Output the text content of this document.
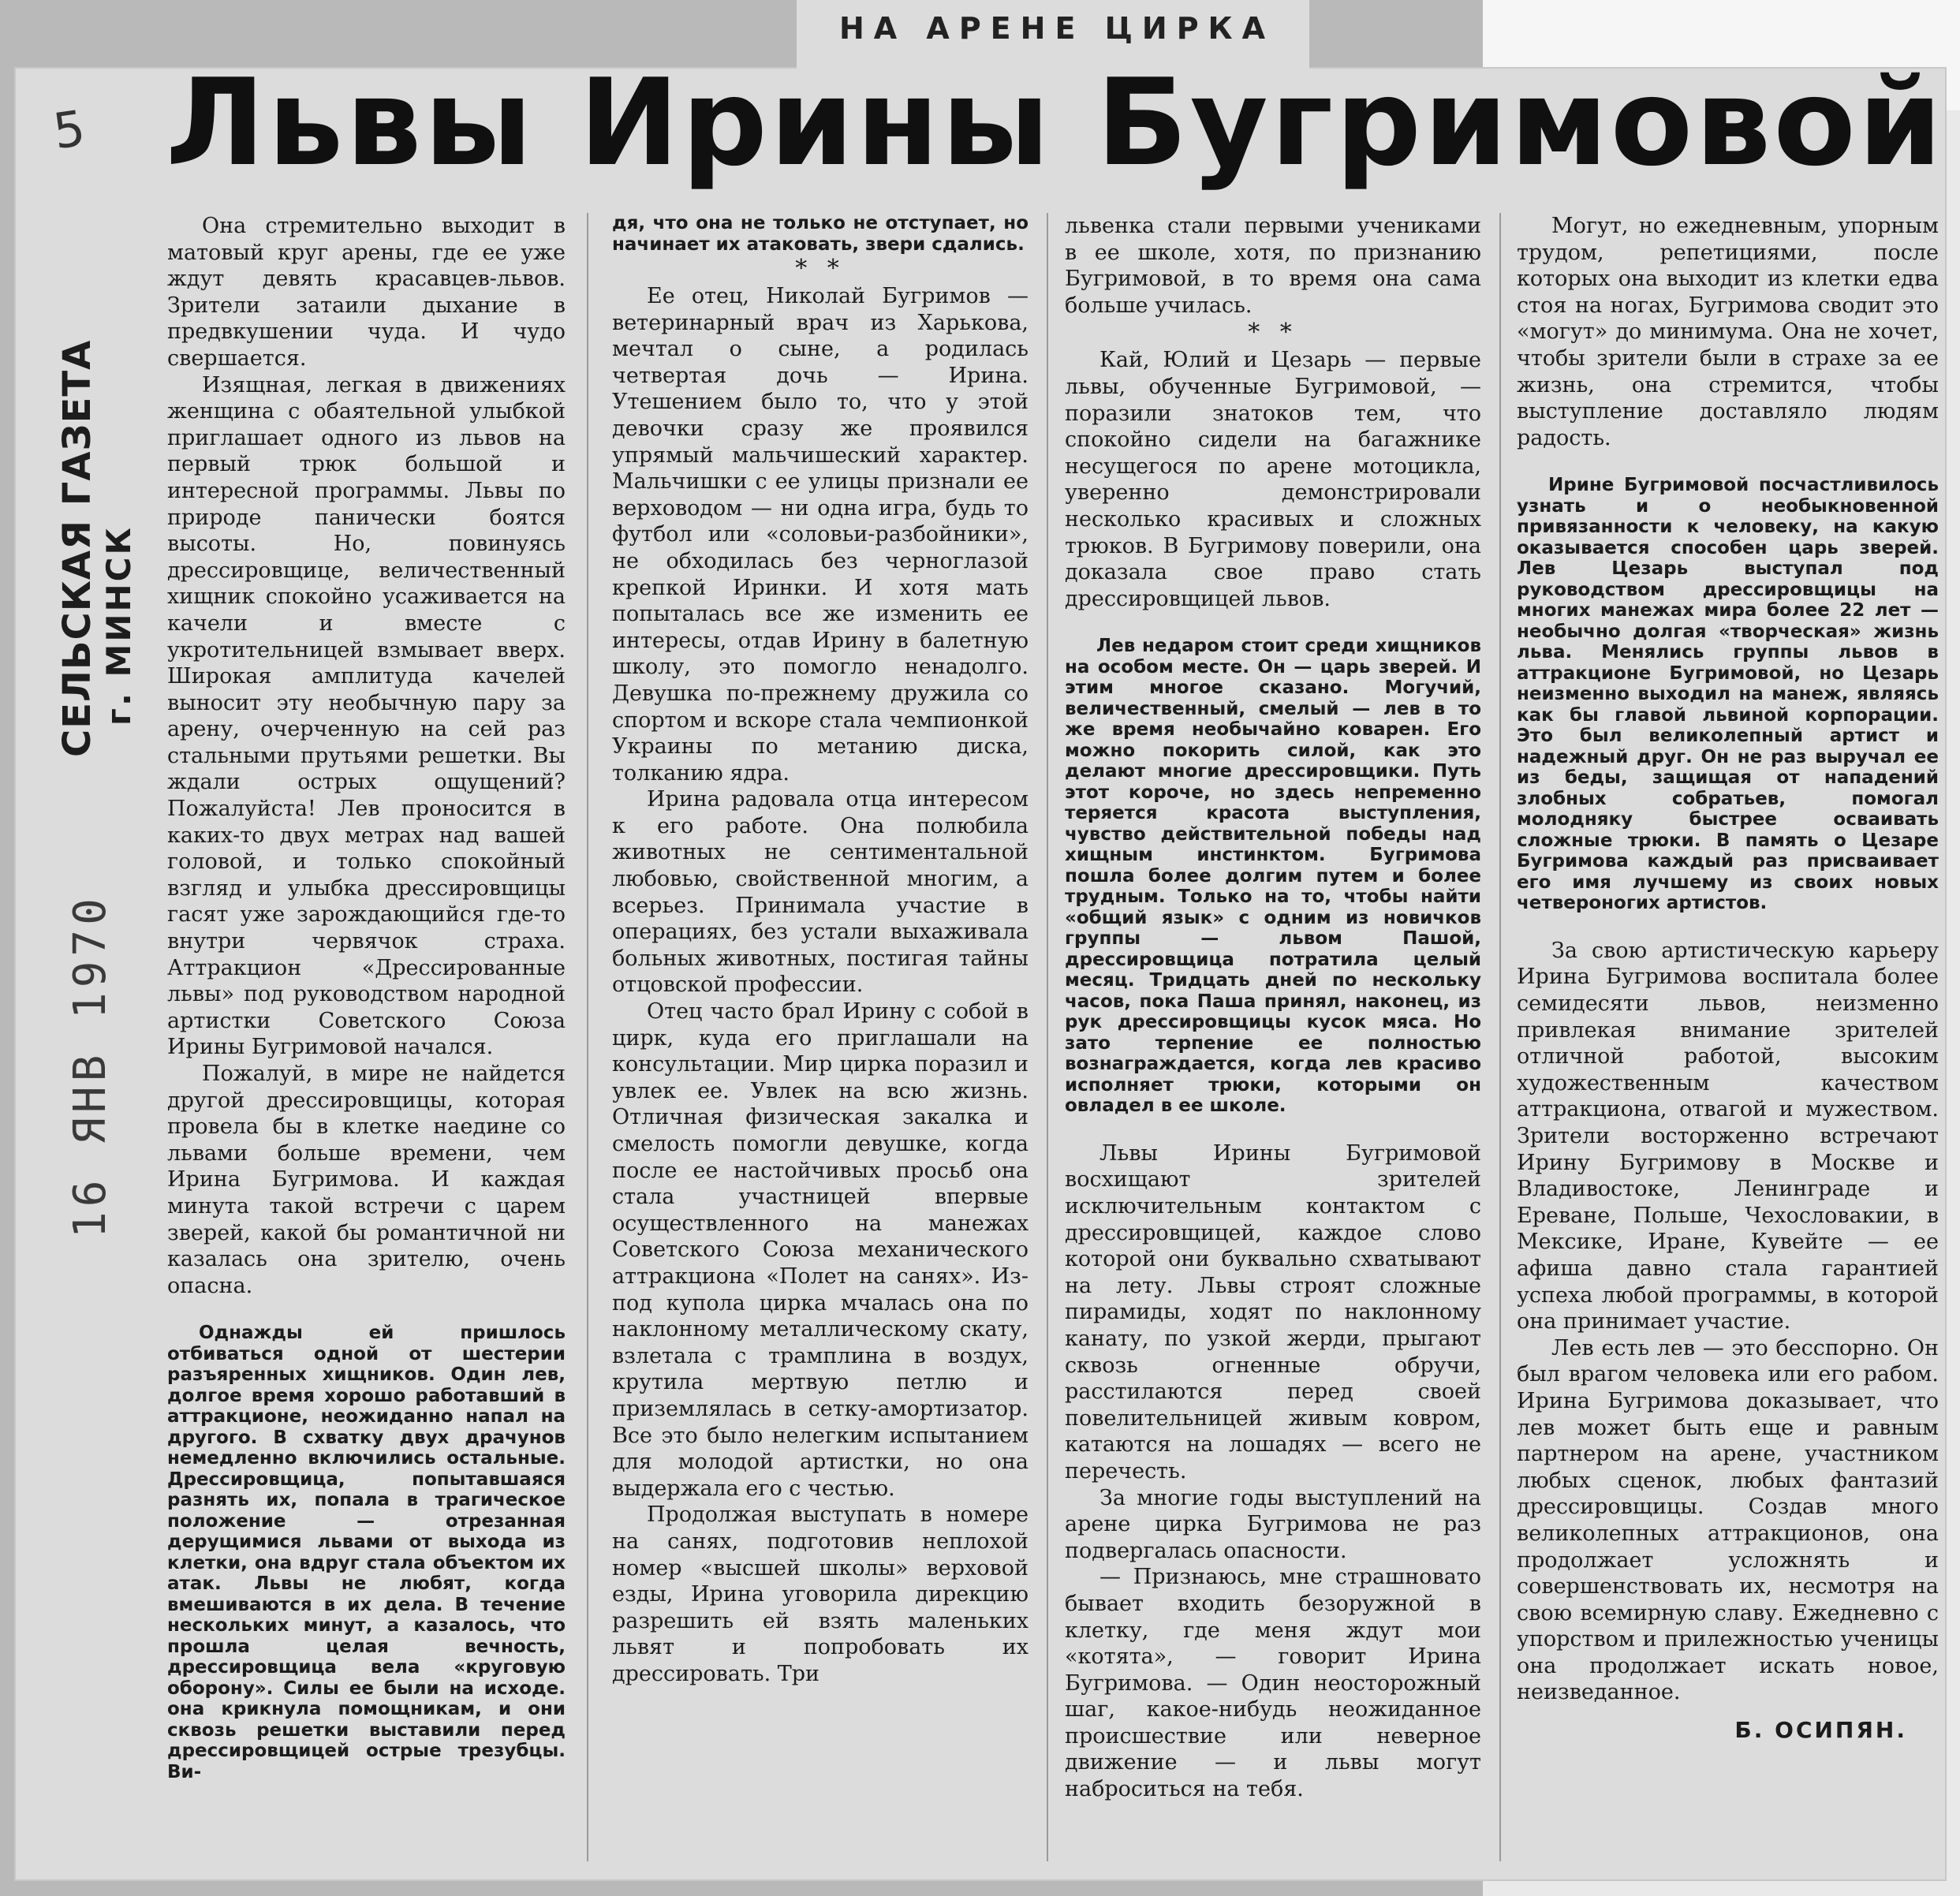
НА АРЕНЕ ЦИРКА
Львы Ирины Бугримовой
5
СЕЛЬСКАЯ ГАЗЕТА г. МИНСК
16 ЯНВ 1970

Она стремительно выходит в матовый круг арены, где ее уже ждут девять красавцев-львов. Зрители затаили дыхание в предвкушении чуда. И чудо свершается.

Изящная, легкая в движениях женщина с обаятельной улыбкой приглашает одного из львов на первый трюк большой и интересной программы. Львы по природе панически боятся высоты. Но, повинуясь дрессировщице, величественный хищник спокойно усаживается на качели и вместе с укротительницей взмывает вверх. Широкая амплитуда качелей выносит эту необычную пару за арену, очерченную на сей раз стальными прутьями решетки. Вы ждали острых ощущений? Пожалуйста! Лев проносится в каких-то двух метрах над вашей головой, и только спокойный взгляд и улыбка дрессировщицы гасят уже зарождающийся где-то внутри червячок страха. Аттракцион «Дрессированные львы» под руководством народной артистки Советского Союза Ирины Бугримовой начался.

Пожалуй, в мире не найдется другой дрессировщицы, которая провела бы в клетке наедине со львами больше времени, чем Ирина Бугримова. И каждая минута такой встречи с царем зверей, какой бы романтичной ни казалась она зрителю, очень опасна.

Однажды ей пришлось отбиваться одной от шестерии разъяренных хищников. Один лев, долгое время хорошо работавший в аттракционе, неожиданно напал на другого. В схватку двух драчунов немедленно включились остальные. Дрессировщица, попытавшаяся разнять их, попала в трагическое положение — отрезанная дерущимися львами от выхода из клетки, она вдруг стала объектом их атак. Львы не любят, когда вмешиваются в их дела. В течение нескольких минут, а казалось, что прошла целая вечность, дрессировщица вела «круговую оборону». Силы ее были на исходе. она крикнула помощникам, и они сквозь решетки выставили перед дрессировщицей острые трезубцы. Ви-

дя, что она не только не отступает, но начинает их атаковать, звери сдались.

* *

Ее отец, Николай Бугримов —ветеринарный врач из Харькова, мечтал о сыне, а родилась четвертая дочь — Ирина. Утешением было то, что у этой девочки сразу же проявился упрямый мальчишеский характер. Мальчишки с ее улицы признали ее верховодом — ни одна игра, будь то футбол или «соловьи-разбойники», не обходилась без черноглазой крепкой Иринки. И хотя мать попыталась все же изменить ее интересы, отдав Ирину в балетную школу, это помогло ненадолго. Девушка по-прежнему дружила со спортом и вскоре стала чемпионкой Украины по метанию диска, толканию ядра.

Ирина радовала отца интересом к его работе. Она полюбила животных не сентиментальной любовью, свойственной многим, а всерьез. Принимала участие в операциях, без устали выхаживала больных животных, постигая тайны отцовской профессии.

Отец часто брал Ирину с собой в цирк, куда его приглашали на консультации. Мир цирка поразил и увлек ее. Увлек на всю жизнь. Отличная физическая закалка и смелость помогли девушке, когда после ее настойчивых просьб она стала участницей впервые осуществленного на манежах Советского Союза механического аттракциона «Полет на санях». Из-под купола цирка мчалась она по наклонному металлическому скату, взлетала с трамплина в воздух, крутила мертвую петлю и приземлялась в сетку-амортизатор. Все это было нелегким испытанием для молодой артистки, но она выдержала его с честью.

Продолжая выступать в номере на санях, подготовив неплохой номер «высшей школы» верховой езды, Ирина уговорила дирекцию разрешить ей взять маленьких львят и попробовать их дрессировать. Три

львенка стали первыми учениками в ее школе, хотя, по признанию Бугримовой, в то время она сама больше училась.

* *

Кай, Юлий и Цезарь — первые львы, обученные Бугримовой, — поразили знатоков тем, что спокойно сидели на багажнике несущегося по арене мотоцикла, уверенно демонстрировали несколько красивых и сложных трюков. В Бугримову поверили, она доказала свое право стать дрессировщицей львов.

Лев недаром стоит среди хищников на особом месте. Он — царь зверей. И этим многое сказано. Могучий, величественный, смелый — лев в то же время необычайно коварен. Его можно покорить силой, как это делают многие дрессировщики. Путь этот короче, но здесь непременно теряется красота выступления, чувство действительной победы над хищным инстинктом. Бугримова пошла более долгим путем и более трудным. Только на то, чтобы найти «общий язык» с одним из новичков группы — львом Пашой, дрессировщица потратила целый месяц. Тридцать дней по нескольку часов, пока Паша принял, наконец, из рук дрессировщицы кусок мяса. Но зато терпение ее полностью вознаграждается, когда лев красиво исполняет трюки, которыми он овладел в ее школе.

Львы Ирины Бугримовой восхищают зрителей исключительным контактом с дрессировщицей, каждое слово которой они буквально схватывают на лету. Львы строят сложные пирамиды, ходят по наклонному канату, по узкой жерди, прыгают сквозь огненные обручи, расстилаются перед своей повелительницей живым ковром, катаются на лошадях — всего не перечесть.

За многие годы выступлений на арене цирка Бугримова не раз подвергалась опасности.

— Признаюсь, мне страшновато бывает входить безоружной в клетку, где меня ждут мои «котята», — говорит Ирина Бугримова. — Один неосторожный шаг, какое-нибудь неожиданное происшествие или неверное движение — и львы могут наброситься на тебя.

Могут, но ежедневным, упорным трудом, репетициями, после которых она выходит из клетки едва стоя на ногах, Бугримова сводит это «могут» до минимума. Она не хочет, чтобы зрители были в страхе за ее жизнь, она стремится, чтобы выступление доставляло людям радость.

Ирине Бугримовой посчастливилось узнать и о необыкновенной привязанности к человеку, на какую оказывается способен царь зверей. Лев Цезарь выступал под руководством дрессировщицы на многих манежах мира более 22 лет — необычно долгая «творческая» жизнь льва. Менялись группы львов в аттракционе Бугримовой, но Цезарь неизменно выходил на манеж, являясь как бы главой львиной корпорации. Это был великолепный артист и надежный друг. Он не раз выручал ее из беды, защищая от нападений злобных собратьев, помогал молодняку быстрее осваивать сложные трюки. В память о Цезаре Бугримова каждый раз присваивает его имя лучшему из своих новых четвероногих артистов.

За свою артистическую карьеру Ирина Бугримова воспитала более семидесяти львов, неизменно привлекая внимание зрителей отличной работой, высоким художественным качеством аттракциона, отвагой и мужеством. Зрители восторженно встречают Ирину Бугримову в Москве и Владивостоке, Ленинграде и Ереване, Польше, Чехословакии, в Мексике, Иране, Кувейте — ее афиша давно стала гарантией успеха любой программы, в которой она принимает участие.

Лев есть лев — это бесспорно. Он был врагом человека или его рабом. Ирина Бугримова доказывает, что лев может быть еще и равным партнером на арене, участником любых сценок, любых фантазий дрессировщицы. Создав много великолепных аттракционов, она продолжает усложнять и совершенствовать их, несмотря на свою всемирную славу. Ежедневно с упорством и прилежностью ученицы она продолжает искать новое, неизведанное.

Б. ОСИПЯН.
